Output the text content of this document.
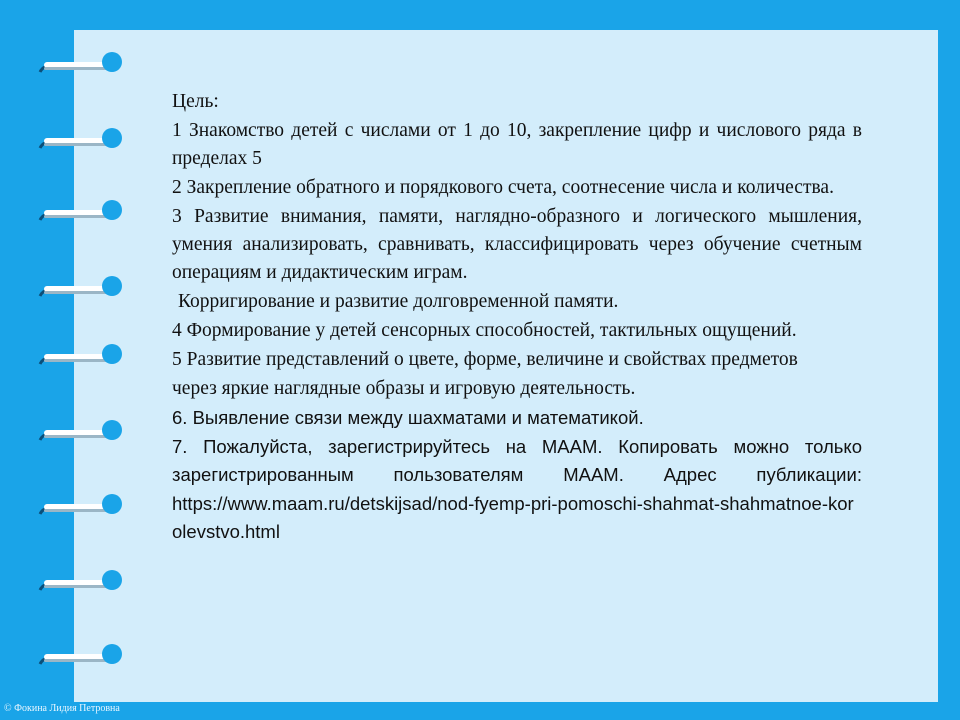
Цель:

1 Знакомство детей с числами от 1 до 10, закрепление цифр и числового ряда в пределах 5

2 Закрепление обратного и порядкового счета, соотнесение числа и количества.

3 Развитие внимания, памяти, наглядно-образного и логического мышления, умения анализировать, сравнивать, классифицировать через обучение счетным операциям и дидактическим играм.

Корригирование и развитие долговременной памяти.

4 Формирование у детей сенсорных способностей, тактильных ощущений.

5 Развитие представлений о цвете, форме, величине и свойствах предметов

через яркие наглядные образы и игровую деятельность.

6. Выявление связи между шахматами и математикой.

7. Пожалуйста, зарегистрируйтесь на МААМ. Копировать можно только зарегистрированным пользователям МААМ. Адрес публикации:

https://www.maam.ru/detskijsad/nod-fyemp-pri-pomoschi-shahmat-shahmatnoe-korolevstvo.html

© Фокина Лидия Петровна
